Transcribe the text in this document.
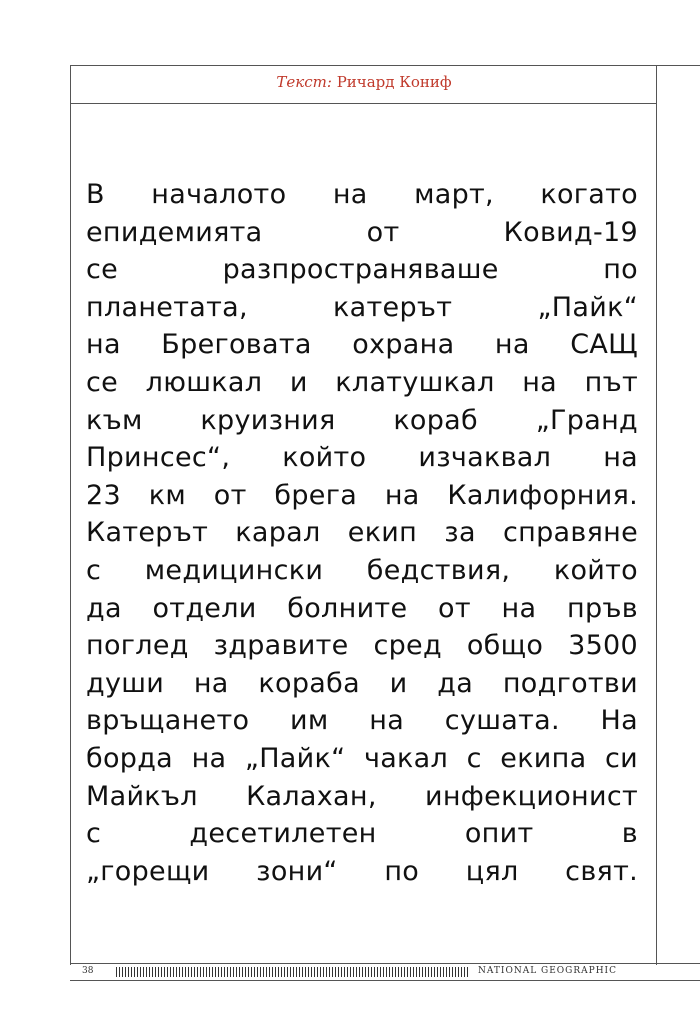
Текст: Ричард Кониф
В началото на март, когато
епидемията от Ковид-19
се разпространяваше по
планетата, катерът „Пайк“
на Бреговата охрана на САЩ
се люшкал и клатушкал на път
към круизния кораб „Гранд
Принсес“, който изчаквал на
23 км от брега на Калифорния.
Катерът карал екип за справяне
с медицински бедствия, който
да отдели болните от на пръв
поглед здравите сред общо 3500
души на кораба и да подготви
връщането им на сушата. На
борда на „Пайк“ чакал с екипа си
Майкъл Калахан, инфекционист
с десетилетен опит в
„горещи зони“ по цял свят.
38	NATIONAL GEOGRAPHIC
